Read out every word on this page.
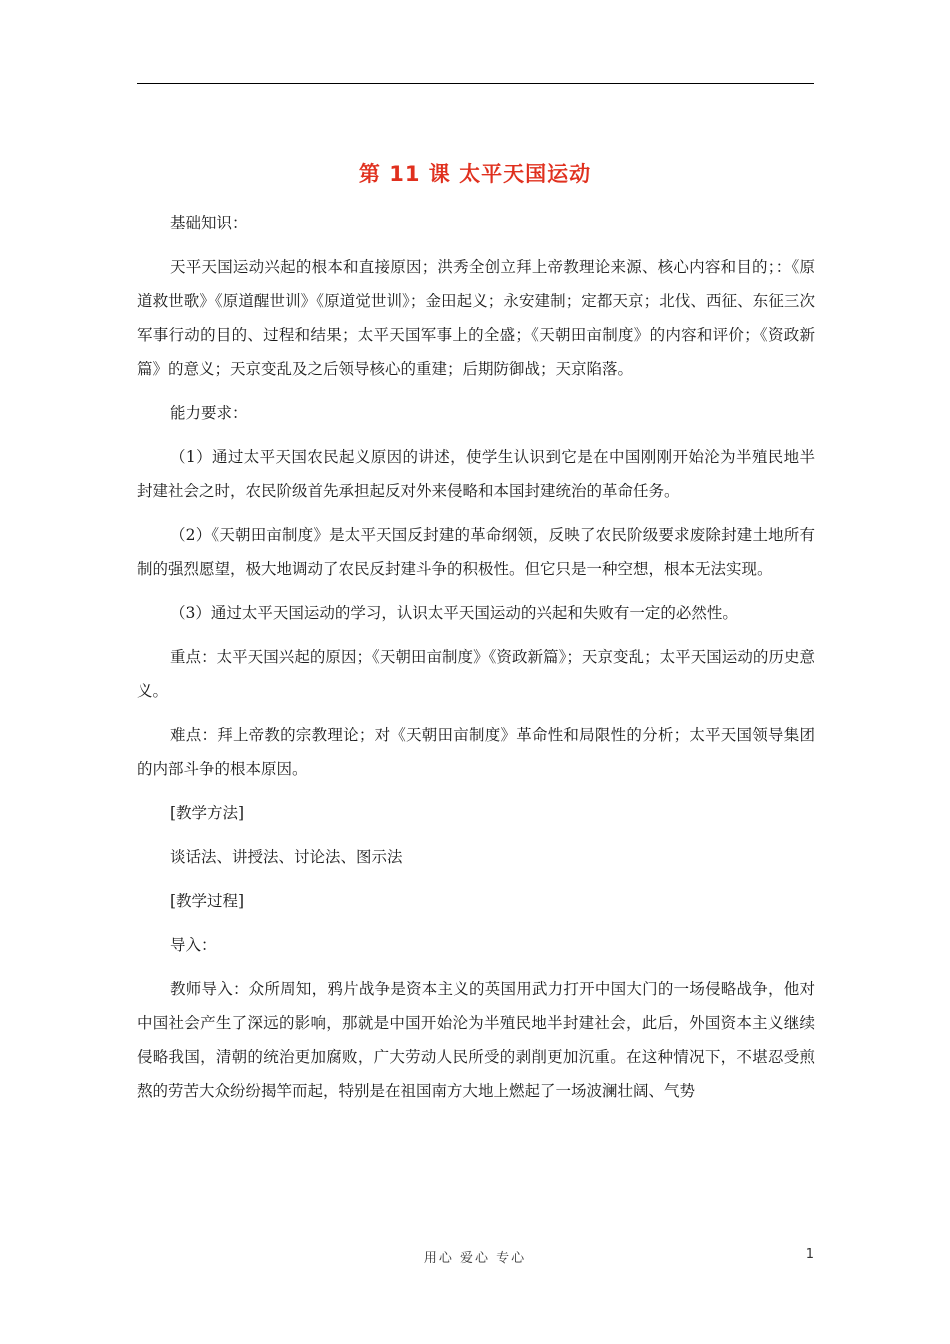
第 11 课 太平天国运动

基础知识：

天平天国运动兴起的根本和直接原因；洪秀全创立拜上帝教理论来源、核心内容和目的；：《原道救世歌》《原道醒世训》《原道觉世训》；金田起义；永安建制；定都天京；北伐、西征、东征三次军事行动的目的、过程和结果；太平天国军事上的全盛；《天朝田亩制度》的内容和评价；《资政新篇》的意义；天京变乱及之后领导核心的重建；后期防御战；天京陷落。

能力要求：

（1）通过太平天国农民起义原因的讲述，使学生认识到它是在中国刚刚开始沦为半殖民地半封建社会之时，农民阶级首先承担起反对外来侵略和本国封建统治的革命任务。

（2）《天朝田亩制度》是太平天国反封建的革命纲领，反映了农民阶级要求废除封建土地所有制的强烈愿望，极大地调动了农民反封建斗争的积极性。但它只是一种空想，根本无法实现。

（3）通过太平天国运动的学习，认识太平天国运动的兴起和失败有一定的必然性。

重点：太平天国兴起的原因；《天朝田亩制度》《资政新篇》；天京变乱；太平天国运动的历史意义。

难点：拜上帝教的宗教理论；对《天朝田亩制度》革命性和局限性的分析；太平天国领导集团的内部斗争的根本原因。

[教学方法]

谈话法、讲授法、讨论法、图示法

[教学过程]

导入：

教师导入：众所周知，鸦片战争是资本主义的英国用武力打开中国大门的一场侵略战争，他对中国社会产生了深远的影响，那就是中国开始沦为半殖民地半封建社会，此后，外国资本主义继续侵略我国，清朝的统治更加腐败，广大劳动人民所受的剥削更加沉重。在这种情况下，不堪忍受煎熬的劳苦大众纷纷揭竿而起，特别是在祖国南方大地上燃起了一场波澜壮阔、气势

用心 爱心 专心	1
